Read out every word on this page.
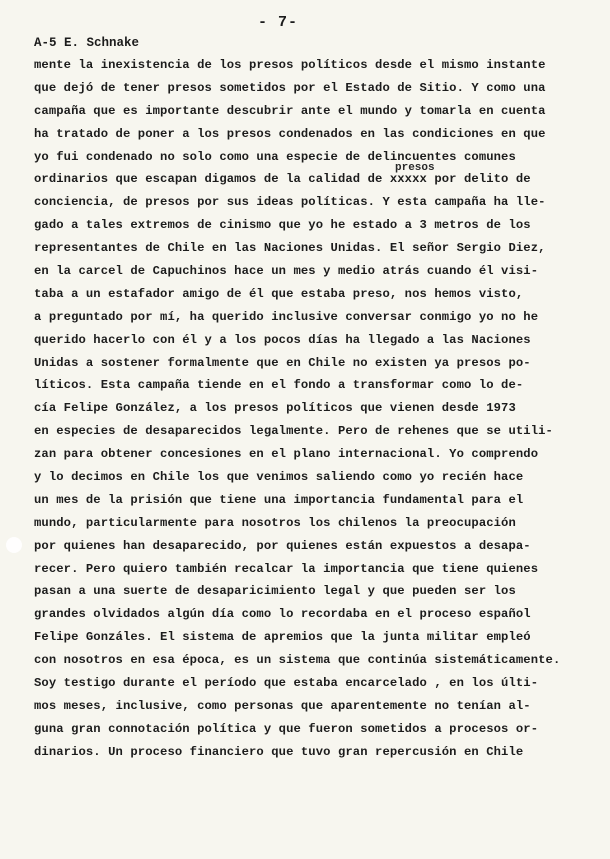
- 7-
A-5 E. Schnake
presos
mente la inexistencia de los presos políticos desde el mismo instante
que dejó de tener presos sometidos por el Estado de Sitio. Y como una
campaña que es importante descubrir ante el mundo y tomarla en cuenta
ha tratado de poner a los presos condenados en las condiciones en que
yo fui condenado no solo como una especie de delincuentes comunes
ordinarios que escapan digamos de la calidad de xxxxx por delito de
conciencia, de presos por sus ideas políticas. Y esta campaña ha lle-
gado a tales extremos de cinismo que yo he estado a 3 metros de los
representantes de Chile en las Naciones Unidas. El señor Sergio Diez,
en la carcel de Capuchinos hace un mes y medio atrás cuando él visi-
taba a un estafador amigo de él que estaba preso, nos hemos visto,
a preguntado por mí, ha querido inclusive conversar conmigo yo no he
querido hacerlo con él y a los pocos días ha llegado a las Naciones
Unidas a sostener formalmente que en Chile no existen ya presos po-
líticos. Esta campaña tiende en el fondo a transformar como lo de-
cía Felipe González, a los presos políticos que vienen desde 1973
en especies de desaparecidos legalmente. Pero de rehenes que se utili-
zan para obtener concesiones en el plano internacional. Yo comprendo
y lo decimos en Chile los que venimos saliendo como yo recién hace
un mes de la prisión que tiene una importancia fundamental para el
mundo, particularmente para nosotros los chilenos la preocupación
por quienes han desaparecido, por quienes están expuestos a desapa-
recer. Pero quiero también recalcar la importancia que tiene quienes
pasan a una suerte de desaparicimiento legal y que pueden ser los
grandes olvidados algún día como lo recordaba en el proceso español
Felipe Gonzáles. El sistema de apremios que la junta militar empleó
con nosotros en esa época, es un sistema que continúa sistemáticamente.
Soy testigo durante el período que estaba encarcelado , en los últi-
mos meses, inclusive, como personas que aparentemente no tenían al-
guna gran connotación política y que fueron sometidos a procesos or-
dinarios. Un proceso financiero que tuvo gran repercusión en Chile
